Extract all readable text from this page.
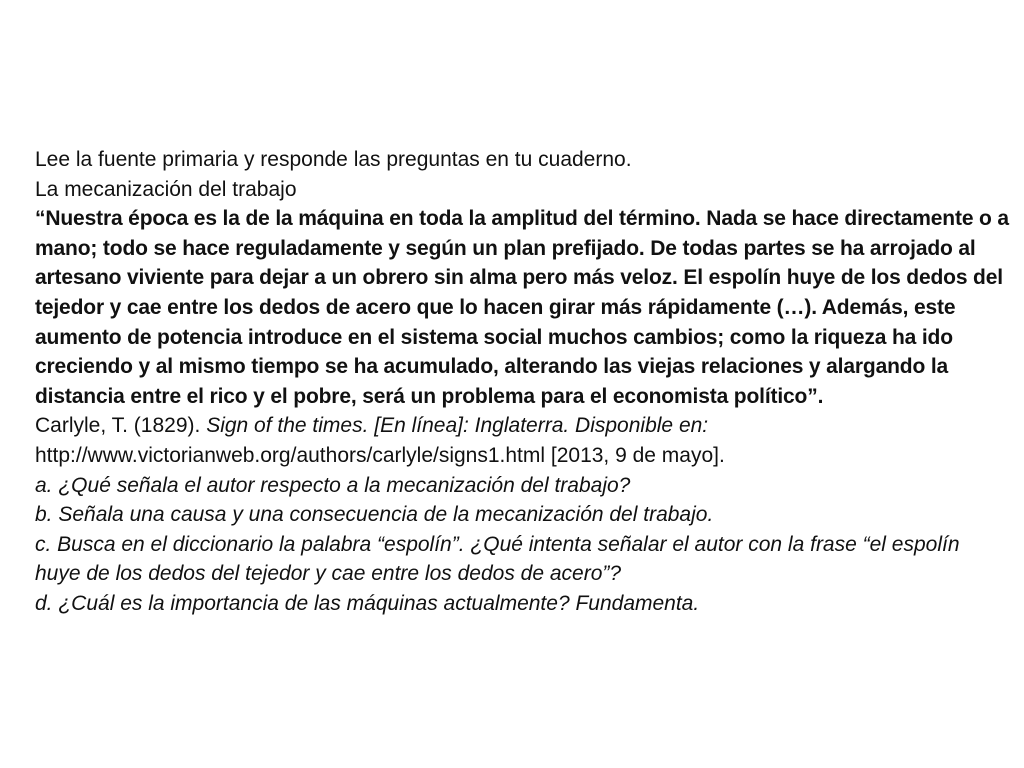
Lee la fuente primaria y responde las preguntas en tu cuaderno.
La mecanización del trabajo
“Nuestra época es la de la máquina en toda la amplitud del término. Nada se hace directamente o a mano; todo se hace reguladamente y según un plan prefijado. De todas partes se ha arrojado al artesano viviente para dejar a un obrero sin alma pero más veloz. El espolín huye de los dedos del tejedor y cae entre los dedos de acero que lo hacen girar más rápidamente (…). Además, este aumento de potencia introduce en el sistema social muchos cambios; como la riqueza ha ido creciendo y al mismo tiempo se ha acumulado, alterando las viejas relaciones y alargando la distancia entre el rico y el pobre, será un problema para el economista político”.
Carlyle, T. (1829). Sign of the times. [En línea]: Inglaterra. Disponible en:
http://www.victorianweb.org/authors/carlyle/signs1.html [2013, 9 de mayo].
a. ¿Qué señala el autor respecto a la mecanización del trabajo?
b. Señala una causa y una consecuencia de la mecanización del trabajo.
c. Busca en el diccionario la palabra “espolín”. ¿Qué intenta señalar el autor con la frase “el espolín huye de los dedos del tejedor y cae entre los dedos de acero”?
d. ¿Cuál es la importancia de las máquinas actualmente? Fundamenta.
